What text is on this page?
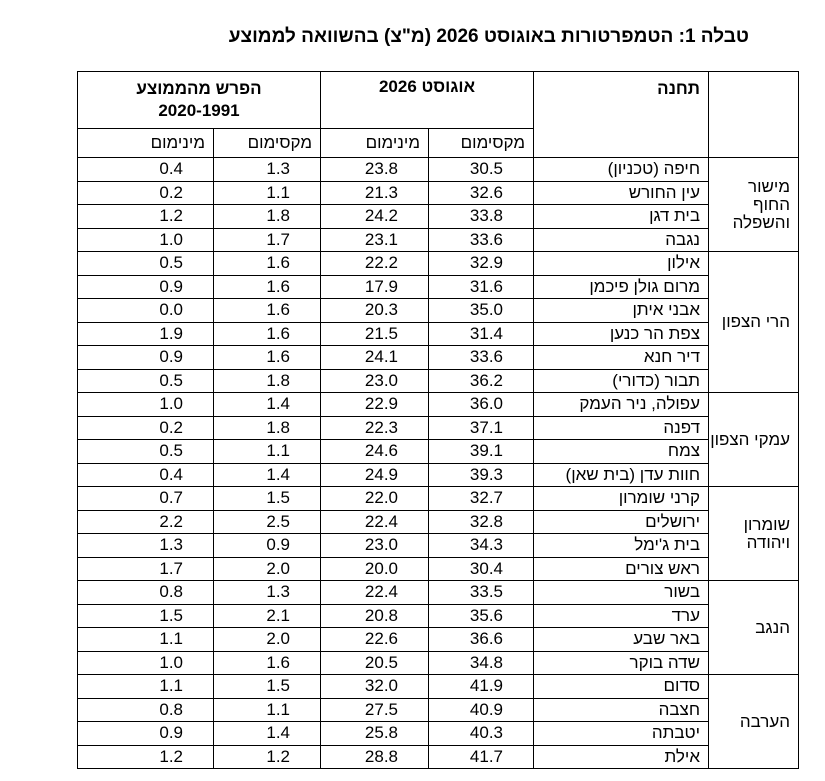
טבלה 1: הטמפרטורות באוגוסט 2026 (מ"צ) בהשוואה לממוצע
	תחנה	אוגוסט 2026		הפרש מהממוצע
2020-1991	
		מקסימום	מינימום	מקסימום	מינימום
מישור החוף והשפלה	חיפה (טכניון)	30.5	23.8	1.3	0.4
	עין החורש	32.6	21.3	1.1	0.2
	בית דגן	33.8	24.2	1.8	1.2
	נגבה	33.6	23.1	1.7	1.0
הרי הצפון	אילון	32.9	22.2	1.6	0.5
	מרום גולן פיכמן	31.6	17.9	1.6	0.9
	אבני איתן	35.0	20.3	1.6	0.0
	צפת הר כנען	31.4	21.5	1.6	1.9
	דיר חנא	33.6	24.1	1.6	0.9
	תבור (כדורי)	36.2	23.0	1.8	0.5
עמקי הצפון	עפולה, ניר העמק	36.0	22.9	1.4	1.0
	דפנה	37.1	22.3	1.8	0.2
	צמח	39.1	24.6	1.1	0.5
	חוות עדן (בית שאן)	39.3	24.9	1.4	0.4
שומרון ויהודה	קרני שומרון	32.7	22.0	1.5	0.7
	ירושלים	32.8	22.4	2.5	2.2
	בית ג'ימל	34.3	23.0	0.9	1.3
	ראש צורים	30.4	20.0	2.0	1.7
הנגב	בשור	33.5	22.4	1.3	0.8
	ערד	35.6	20.8	2.1	1.5
	באר שבע	36.6	22.6	2.0	1.1
	שדה בוקר	34.8	20.5	1.6	1.0
הערבה	סדום	41.9	32.0	1.5	1.1
	חצבה	40.9	27.5	1.1	0.8
	יטבתה	40.3	25.8	1.4	0.9
	אילת	41.7	28.8	1.2	1.2
